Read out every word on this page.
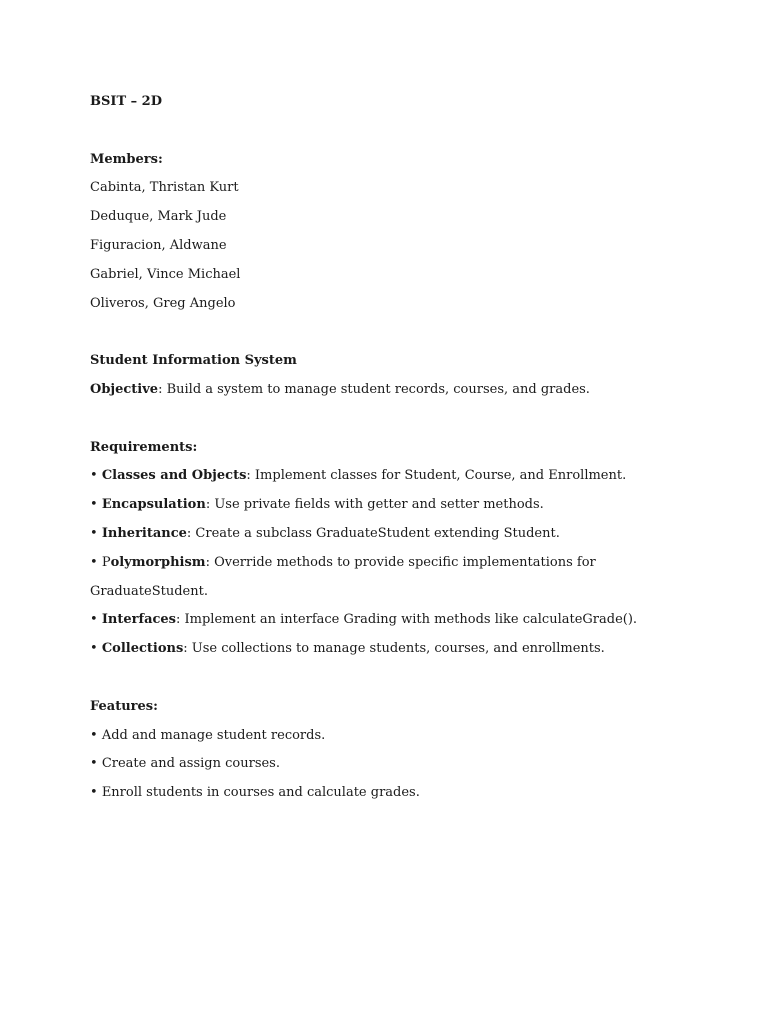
BSIT – 2D
Members:
Cabinta, Thristan Kurt
Deduque, Mark Jude
Figuracion, Aldwane
Gabriel, Vince Michael
Oliveros, Greg Angelo
Student Information System
Objective: Build a system to manage student records, courses, and grades.
Requirements:
• Classes and Objects: Implement classes for Student, Course, and Enrollment.
• Encapsulation: Use private fields with getter and setter methods.
• Inheritance: Create a subclass GraduateStudent extending Student.
• Polymorphism: Override methods to provide specific implementations for
GraduateStudent.
• Interfaces: Implement an interface Grading with methods like calculateGrade().
• Collections: Use collections to manage students, courses, and enrollments.
Features:
• Add and manage student records.
• Create and assign courses.
• Enroll students in courses and calculate grades.
